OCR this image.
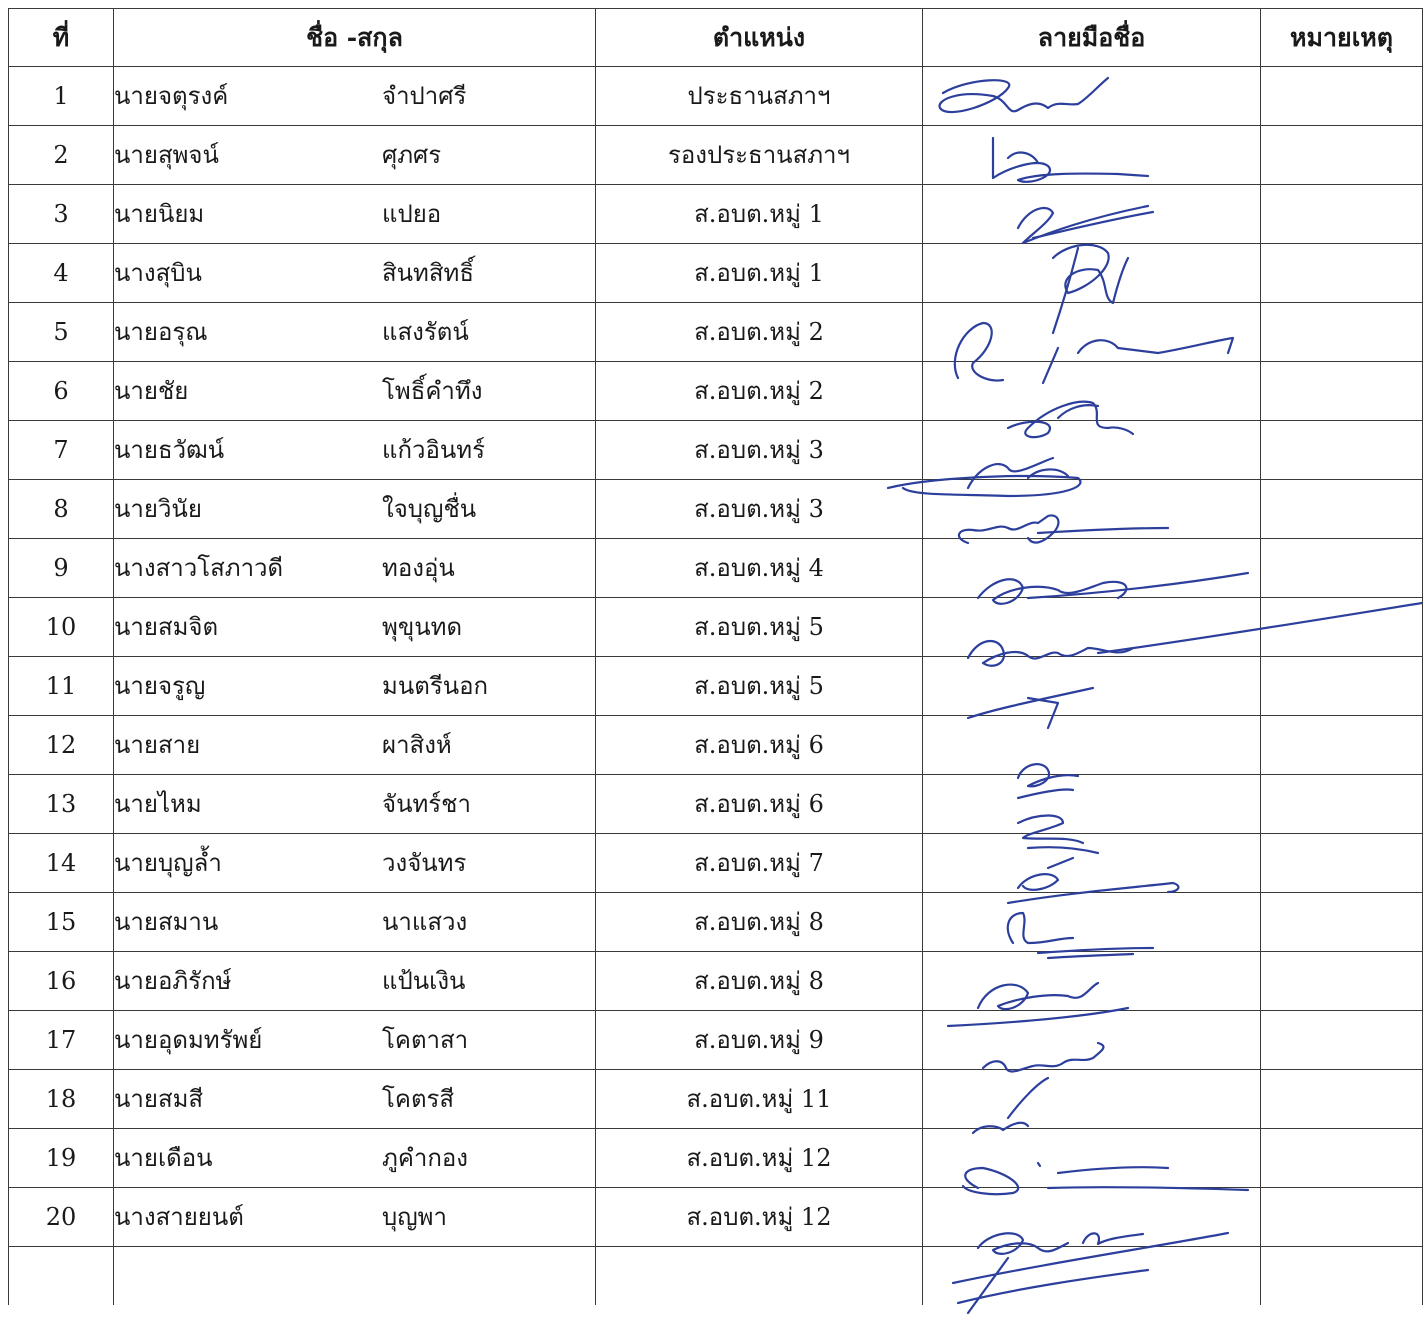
ที่	ชื่อ -สกุล	ตำแหน่ง	ลายมือชื่อ	หมายเหตุ
1	นายจตุรงค์ จำปาศรี	ประธานสภาฯ		
2	นายสุพจน์ ศุภศร	รองประธานสภาฯ		
3	นายนิยม แปยอ	ส.อบต.หมู่ 1		
4	นางสุบิน สินทสิทธิ์	ส.อบต.หมู่ 1		
5	นายอรุณ แสงรัตน์	ส.อบต.หมู่ 2		
6	นายชัย โพธิ์คำทึง	ส.อบต.หมู่ 2		
7	นายธวัฒน์ แก้วอินทร์	ส.อบต.หมู่ 3		
8	นายวินัย ใจบุญชื่น	ส.อบต.หมู่ 3		
9	นางสาวโสภาวดี ทองอุ่น	ส.อบต.หมู่ 4		
10	นายสมจิต พุขุนทด	ส.อบต.หมู่ 5		
11	นายจรูญ มนตรีนอก	ส.อบต.หมู่ 5		
12	นายสาย ผาสิงห์	ส.อบต.หมู่ 6		
13	นายไหม จันทร์ชา	ส.อบต.หมู่ 6		
14	นายบุญล้ำ วงจันทร	ส.อบต.หมู่ 7		
15	นายสมาน นาแสวง	ส.อบต.หมู่ 8		
16	นายอภิรักษ์ แป้นเงิน	ส.อบต.หมู่ 8		
17	นายอุดมทรัพย์ โคตาสา	ส.อบต.หมู่ 9		
18	นายสมสี โคตรสี	ส.อบต.หมู่ 11		
19	นายเดือน ภูคำกอง	ส.อบต.หมู่ 12		
20	นางสายยนต์ บุญพา	ส.อบต.หมู่ 12		
